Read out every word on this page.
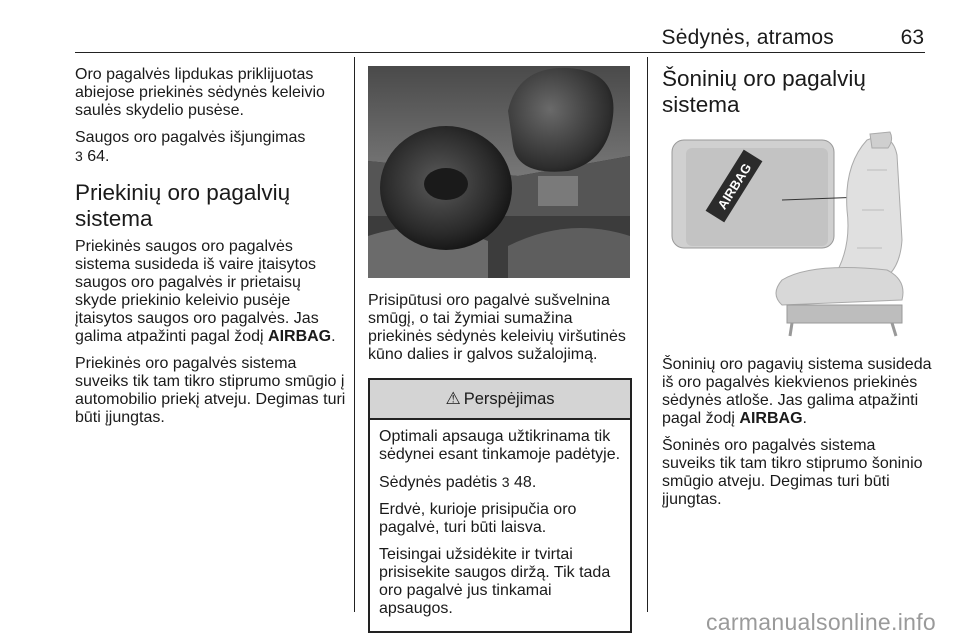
Sėdynės, atramos	63

Oro pagalvės lipdukas priklijuotas abiejose priekinės sėdynės keleivio saulės skydelio pusėse.

Saugos oro pagalvės išjungimas
3 64.

Priekinių oro pagalvių sistema

Priekinės saugos oro pagalvės sistema susideda iš vaire įtaisytos saugos oro pagalvės ir prietaisų skyde priekinio keleivio pusėje įtaisytos saugos oro pagalvės. Jas galima atpažinti pagal žodį AIRBAG.

Priekinės oro pagalvės sistema suveiks tik tam tikro stiprumo smūgio į automobilio priekį atveju. Degimas turi būti įjungtas.

Prisipūtusi oro pagalvė sušvelnina smūgį, o tai žymiai sumažina priekinės sėdynės keleivių viršutinės kūno dalies ir galvos sužalojimą.

⚠ Perspėjimas

Optimali apsauga užtikrinama tik sėdynei esant tinkamoje padėtyje.

Sėdynės padėtis 3 48.

Erdvė, kurioje prisipučia oro pagalvė, turi būti laisva.

Teisingai užsidėkite ir tvirtai prisisekite saugos diržą. Tik tada oro pagalvė jus tinkamai apsaugos.

Šoninių oro pagalvių sistema
AIRBAG

Šoninių oro pagavių sistema susideda iš oro pagalvės kiekvienos priekinės sėdynės atloše. Jas galima atpažinti pagal žodį AIRBAG.

Šoninės oro pagalvės sistema suveiks tik tam tikro stiprumo šoninio smūgio atveju. Degimas turi būti įjungtas.

carmanualsonline.info
